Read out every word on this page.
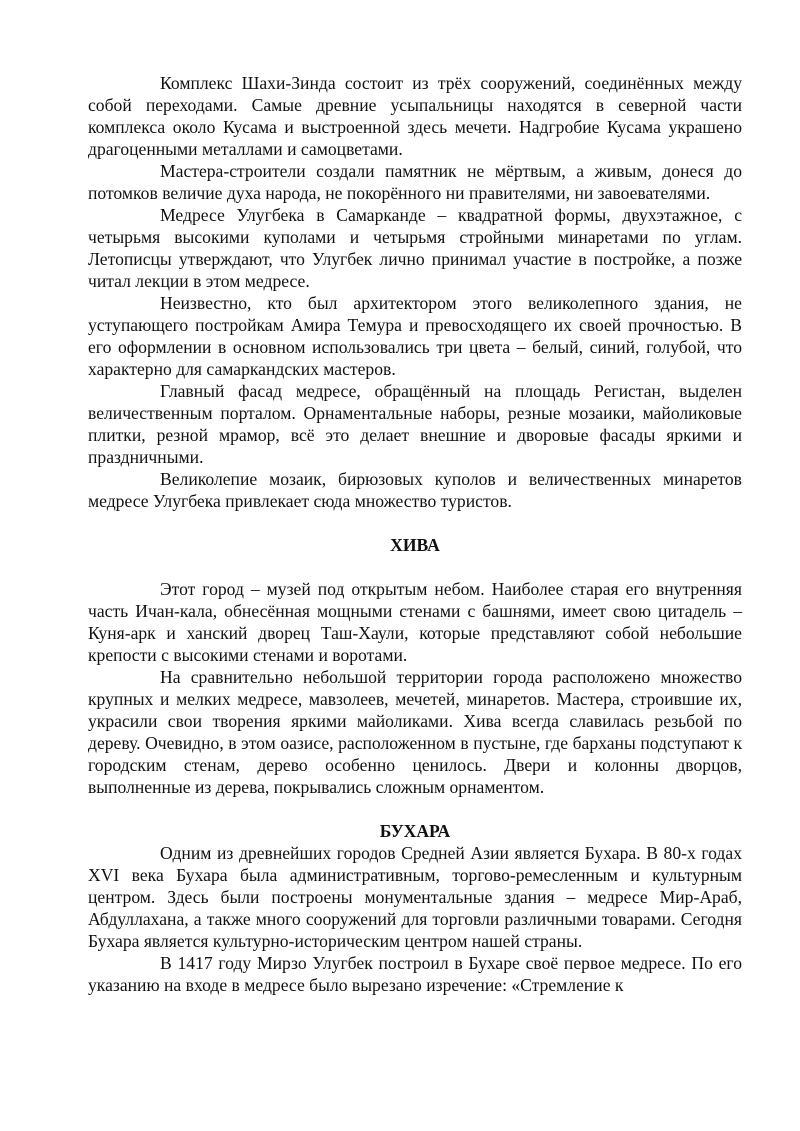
Комплекс Шахи-Зинда состоит из трёх сооружений, соединённых между собой переходами. Самые древние усыпальницы находятся в северной части комплекса около Кусама и выстроенной здесь мечети. Надгробие Кусама украшено драгоценными металлами и самоцветами.

Мастера-строители создали памятник не мёртвым, а живым, донеся до потомков величие духа народа, не покорённого ни правителями, ни завоевателями.

Медресе Улугбека в Самарканде – квадратной формы, двухэтажное, с четырьмя высокими куполами и четырьмя стройными минаретами по углам. Летописцы утверждают, что Улугбек лично принимал участие в постройке, а позже читал лекции в этом медресе.

Неизвестно, кто был архитектором этого великолепного здания, не уступающего постройкам Амира Темура и превосходящего их своей прочностью. В его оформлении в основном использовались три цвета – белый, синий, голубой, что характерно для самаркандских мастеров.

Главный фасад медресе, обращённый на площадь Регистан, выделен величественным порталом. Орнаментальные наборы, резные мозаики, майоликовые плитки, резной мрамор, всё это делает внешние и дворовые фасады яркими и праздничными.

Великолепие мозаик, бирюзовых куполов и величественных минаретов медресе Улугбека привлекает сюда множество туристов.

ХИВА

Этот город – музей под открытым небом. Наиболее старая его внутренняя часть Ичан-кала, обнесённая мощными стенами с башнями, имеет свою цитадель – Куня-арк и ханский дворец Таш-Хаули, которые представляют собой небольшие крепости с высокими стенами и воротами.

На сравнительно небольшой территории города расположено множество крупных и мелких медресе, мавзолеев, мечетей, минаретов. Мастера, строившие их, украсили свои творения яркими майоликами. Хива всегда славилась резьбой по дереву. Очевидно, в этом оазисе, расположенном в пустыне, где барханы подступают к городским стенам, дерево особенно ценилось. Двери и колонны дворцов, выполненные из дерева, покрывались сложным орнаментом.

БУХАРА

Одним из древнейших городов Средней Азии является Бухара. В 80-х годах XVI века Бухара была административным, торгово-ремесленным и культурным центром. Здесь были построены монументальные здания – медресе Мир-Араб, Абдуллахана, а также много сооружений для торговли различными товарами. Сегодня Бухара является культурно-историческим центром нашей страны.

В 1417 году Мирзо Улугбек построил в Бухаре своё первое медресе. По его указанию на входе в медресе было вырезано изречение: «Стремление к
